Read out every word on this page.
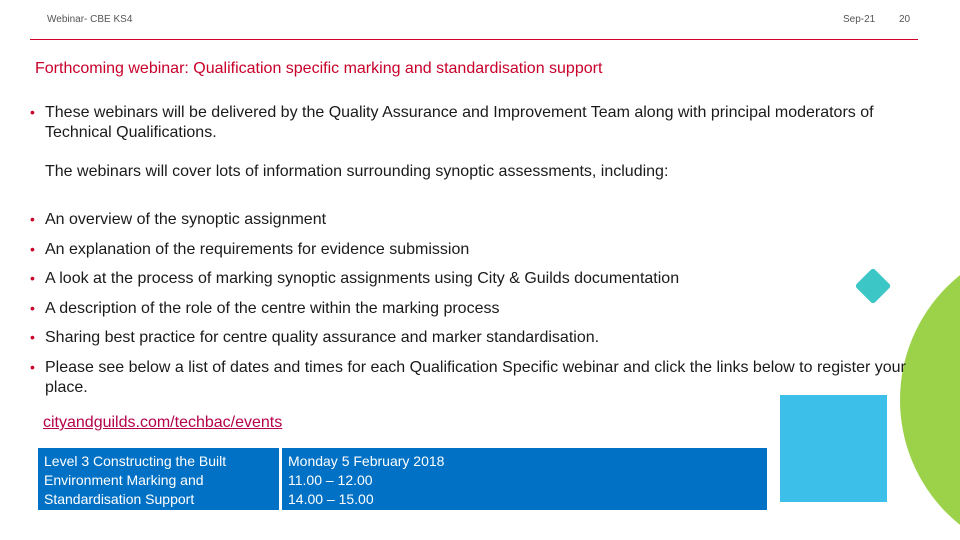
Webinar- CBE KS4	Sep-21 20
Forthcoming webinar: Qualification specific marking and standardisation support
• These webinars will be delivered by the Quality Assurance and Improvement Team along with principal moderators of Technical Qualifications.
The webinars will cover lots of information surrounding synoptic assessments, including:
• An overview of the synoptic assignment
• An explanation of the requirements for evidence submission
• A look at the process of marking synoptic assignments using City & Guilds documentation
• A description of the role of the centre within the marking process
• Sharing best practice for centre quality assurance and marker standardisation.
• Please see below a list of dates and times for each Qualification Specific webinar and click the links below to register your place.
cityandguilds.com/techbac/events
Level 3 Constructing the Built
Environment Marking and
Standardisation Support
Monday 5 February 2018
11.00 – 12.00
14.00 – 15.00
